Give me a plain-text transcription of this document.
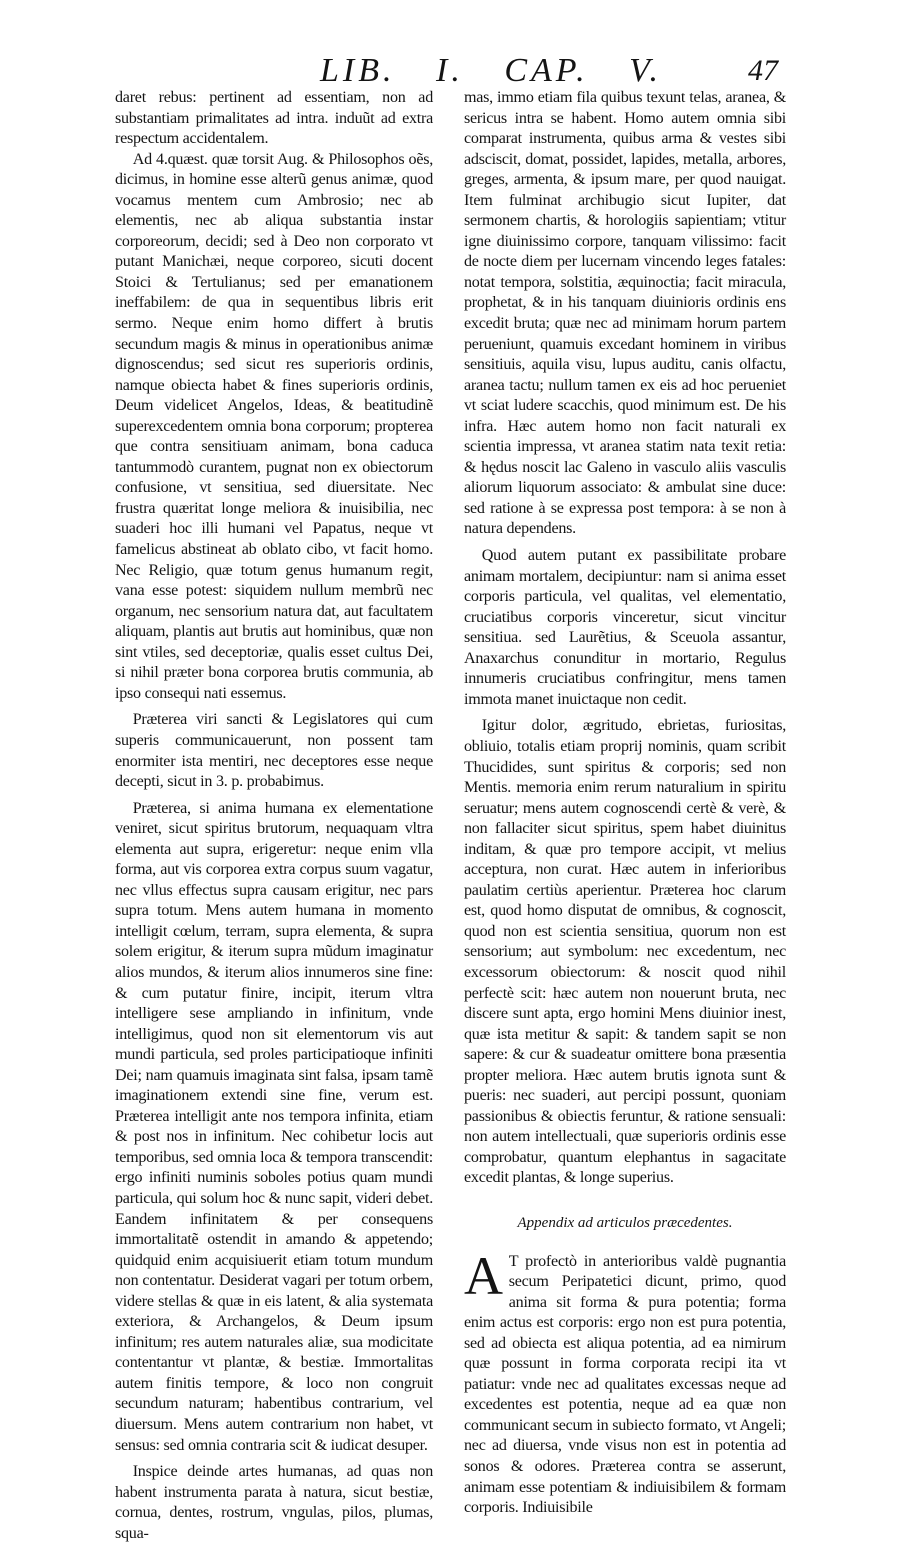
LIB. I. CAP. V.	47

daret rebus: pertinent ad essentiam, non ad substantiam primalitates ad intra. induũt ad extra respectum accidentalem.

Ad 4.quæst. quæ torsit Aug. & Philosophos oẽs, dicimus, in homine esse alterũ genus animæ, quod vocamus mentem cum Ambrosio; nec ab elementis, nec ab aliqua substantia instar corporeorum, decidi; sed à Deo non corporato vt putant Manichæi, neque corporeo, sicuti docent Stoici & Tertulianus; sed per emanationem ineffabilem: de qua in sequentibus libris erit sermo. Neque enim homo differt à brutis secundum magis & minus in operationibus animæ dignoscendus; sed sicut res superioris ordinis, namque obiecta habet & fines superioris ordinis, Deum videlicet Angelos, Ideas, & beatitudinẽ superexcedentem omnia bona corporum; propterea que contra sensitiuam animam, bona caduca tantummodò curantem, pugnat non ex obiectorum confusione, vt sensitiua, sed diuersitate. Nec frustra quæritat longe meliora & inuisibilia, nec suaderi hoc illi humani vel Papatus, neque vt famelicus abstineat ab oblato cibo, vt facit homo. Nec Religio, quæ totum genus humanum regit, vana esse potest: siquidem nullum membrũ nec organum, nec sensorium natura dat, aut facultatem aliquam, plantis aut brutis aut hominibus, quæ non sint vtiles, sed deceptoriæ, qualis esset cultus Dei, si nihil præter bona corporea brutis communia, ab ipso consequi nati essemus.

Præterea viri sancti & Legislatores qui cum superis communicauerunt, non possent tam enormiter ista mentiri, nec deceptores esse neque decepti, sicut in 3. p. probabimus.

Præterea, si anima humana ex elementatione veniret, sicut spiritus brutorum, nequaquam vltra elementa aut supra, erigeretur: neque enim vlla forma, aut vis corporea extra corpus suum vagatur, nec vllus effectus supra causam erigitur, nec pars supra totum. Mens autem humana in momento intelligit cœlum, terram, supra elementa, & supra solem erigitur, & iterum supra mũdum imaginatur alios mundos, & iterum alios innumeros sine fine: & cum putatur finire, incipit, iterum vltra intelligere sese ampliando in infinitum, vnde intelligimus, quod non sit elementorum vis aut mundi particula, sed proles participatioque infiniti Dei; nam quamuis imaginata sint falsa, ipsam tamẽ imaginationem extendi sine fine, verum est. Præterea intelligit ante nos tempora infinita, etiam & post nos in infinitum. Nec cohibetur locis aut temporibus, sed omnia loca & tempora transcendit: ergo infiniti numinis soboles potius quam mundi particula, qui solum hoc & nunc sapit, videri debet. Eandem infinitatem & per consequens immortalitatẽ ostendit in amando & appetendo; quidquid enim acquisiuerit etiam totum mundum non contentatur. Desiderat vagari per totum orbem, videre stellas & quæ in eis latent, & alia systemata exteriora, & Archangelos, & Deum ipsum infinitum; res autem naturales aliæ, sua modicitate contentantur vt plantæ, & bestiæ. Immortalitas autem finitis tempore, & loco non congruit secundum naturam; habentibus contrarium, vel diuersum. Mens autem contrarium non habet, vt sensus: sed omnia contraria scit & iudicat desuper.

Inspice deinde artes humanas, ad quas non habent instrumenta parata à natura, sicut bestiæ, cornua, dentes, rostrum, vngulas, pilos, plumas, squa-

mas, immo etiam fila quibus texunt telas, aranea, & sericus intra se habent. Homo autem omnia sibi comparat instrumenta, quibus arma & vestes sibi adsciscit, domat, possidet, lapides, metalla, arbores, greges, armenta, & ipsum mare, per quod nauigat. Item fulminat archibugio sicut Iupiter, dat sermonem chartis, & horologiis sapientiam; vtitur igne diuinissimo corpore, tanquam vilissimo: facit de nocte diem per lucernam vincendo leges fatales: notat tempora, solstitia, æquinoctia; facit miracula, prophetat, & in his tanquam diuinioris ordinis ens excedit bruta; quæ nec ad minimam horum partem perueniunt, quamuis excedant hominem in viribus sensitiuis, aquila visu, lupus auditu, canis olfactu, aranea tactu; nullum tamen ex eis ad hoc perueniet vt sciat ludere scacchis, quod minimum est. De his infra. Hæc autem homo non facit naturali ex scientia impressa, vt aranea statim nata texit retia: & hędus noscit lac Galeno in vasculo aliis vasculis aliorum liquorum associato: & ambulat sine duce: sed ratione à se expressa post tempora: à se non à natura dependens.

Quod autem putant ex passibilitate probare animam mortalem, decipiuntur: nam si anima esset corporis particula, vel qualitas, vel elementatio, cruciatibus corporis vinceretur, sicut vincitur sensitiua. sed Laurẽtius, & Sceuola assantur, Anaxarchus conunditur in mortario, Regulus innumeris cruciatibus confringitur, mens tamen immota manet inuictaque non cedit.

Igitur dolor, ægritudo, ebrietas, furiositas, obliuio, totalis etiam proprij nominis, quam scribit Thucidides, sunt spiritus & corporis; sed non Mentis. memoria enim rerum naturalium in spiritu seruatur; mens autem cognoscendi certè & verè, & non fallaciter sicut spiritus, spem habet diuinitus inditam, & quæ pro tempore accipit, vt melius acceptura, non curat. Hæc autem in inferioribus paulatim certiùs aperientur. Præterea hoc clarum est, quod homo disputat de omnibus, & cognoscit, quod non est scientia sensitiua, quorum non est sensorium; aut symbolum: nec excedentum, nec excessorum obiectorum: & noscit quod nihil perfectè scit: hæc autem non nouerunt bruta, nec discere sunt apta, ergo homini Mens diuinior inest, quæ ista metitur & sapit: & tandem sapit se non sapere: & cur & suadeatur omittere bona præsentia propter meliora. Hæc autem brutis ignota sunt & pueris: nec suaderi, aut percipi possunt, quoniam passionibus & obiectis feruntur, & ratione sensuali: non autem intellectuali, quæ superioris ordinis esse comprobatur, quantum elephantus in sagacitate excedit plantas, & longe superius.

Appendix ad articulos præcedentes.

A T profectò in anterioribus valdè pugnantia secum Peripatetici dicunt, primo, quod anima sit forma & pura potentia; forma enim actus est corporis: ergo non est pura potentia, sed ad obiecta est aliqua potentia, ad ea nimirum quæ possunt in forma corporata recipi ita vt patiatur: vnde nec ad qualitates excessas neque ad excedentes est potentia, neque ad ea quæ non communicant secum in subiecto formato, vt Angeli; nec ad diuersa, vnde visus non est in potentia ad sonos & odores. Præterea contra se asserunt, animam esse potentiam & indiuisibilem & formam corporis. Indiuisibile
